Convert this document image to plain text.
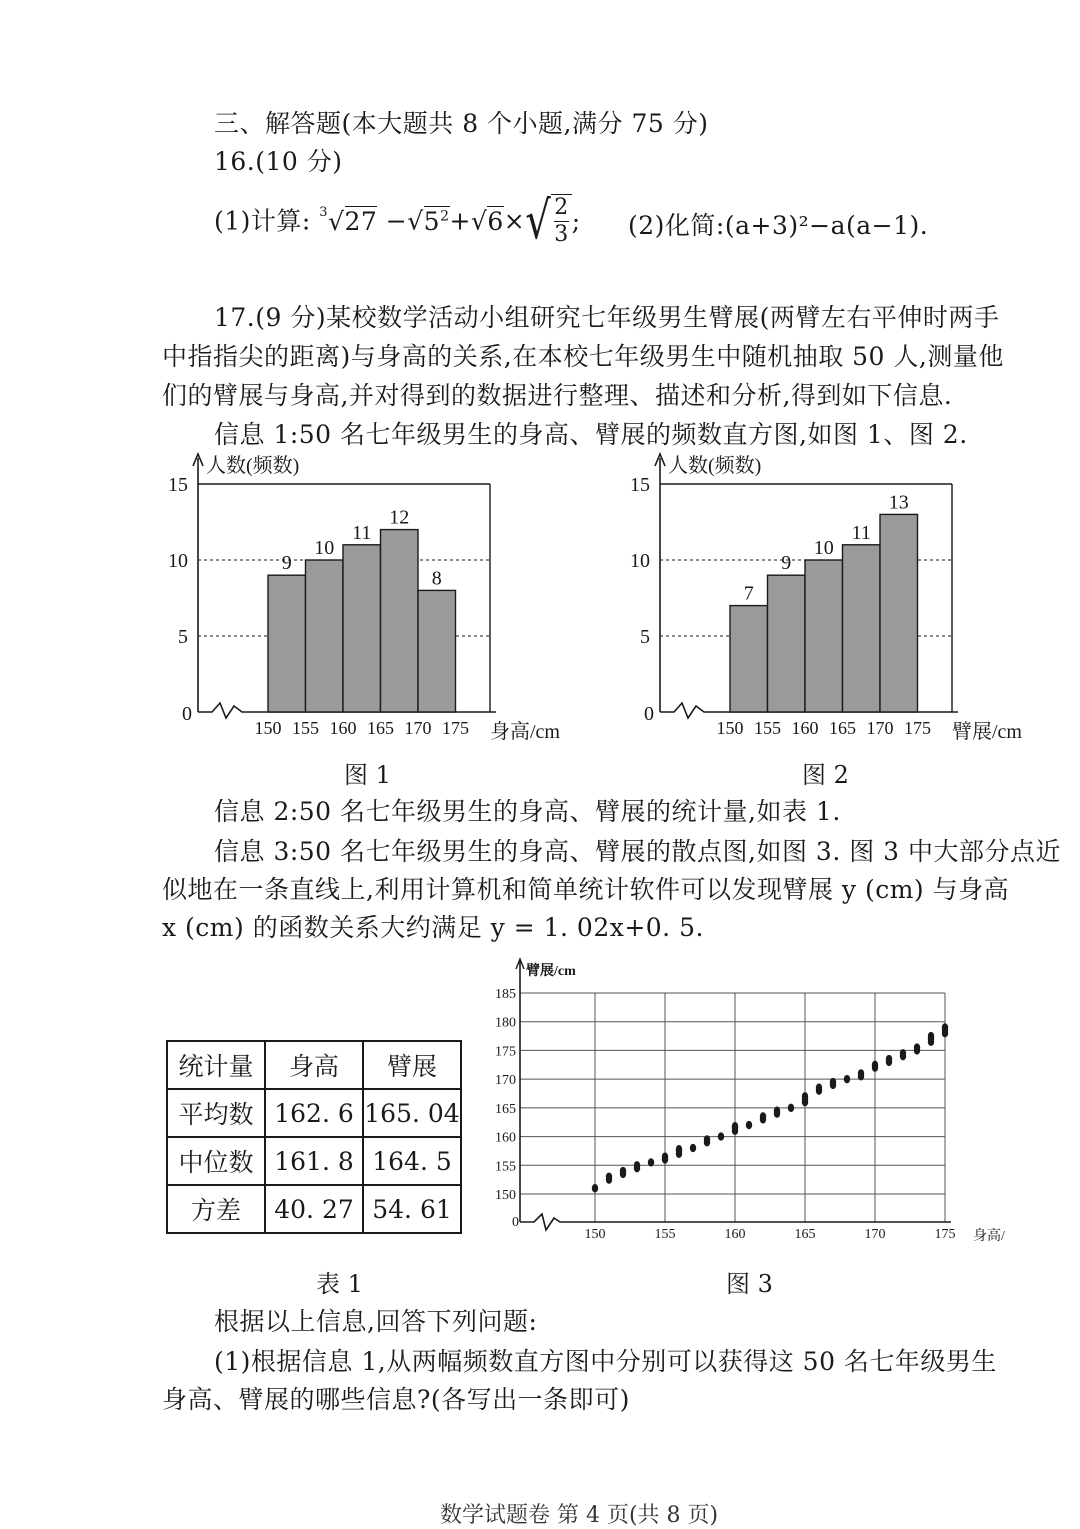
三、解答题(本大题共 8 个小题,满分 75 分)
16.(10 分)
(1)计算: $^3√27 -√5^2+√6\times√ \frac{2}{3}$ ; (2)化简:(a+3)²−a(a−1).
17.(9 分)某校数学活动小组研究七年级男生臂展(两臂左右平伸时两手
中指指尖的距离)与身高的关系,在本校七年级男生中随机抽取 50 人,测量他
们的臂展与身高,并对得到的数据进行整理、描述和分析,得到如下信息.
信息 1:50 名七年级男生的身高、臂展的频数直方图,如图 1、图 2.
人数(频数)
0
5
10
15
9
10
11
12
8
150 155 160 165 170 175 身高/cm
图 1
人数(频数)
0
5
10
15
7
9
10
11
13
150 155 160 165 170 175 臂展/cm
图 2
信息 2:50 名七年级男生的身高、臂展的统计量,如表 1.
信息 3:50 名七年级男生的身高、臂展的散点图,如图 3. 图 3 中大部分点近
似地在一条直线上,利用计算机和简单统计软件可以发现臂展 y (cm) 与身高
x (cm) 的函数关系大约满足 y = 1. 02x+0. 5.
统计量	身高	臂展
平均数	162. 6	165. 04
中位数	161. 8	164. 5
方差	40. 27	54. 61
表 1
150
155
160
165
170
175
180
185
臂展/cm
0
150	155	160	165	170	175 身高/
图 3
根据以上信息,回答下列问题:
(1)根据信息 1,从两幅频数直方图中分别可以获得这 50 名七年级男生
身高、臂展的哪些信息?(各写出一条即可)
数学试题卷 第 4 页(共 8 页)
